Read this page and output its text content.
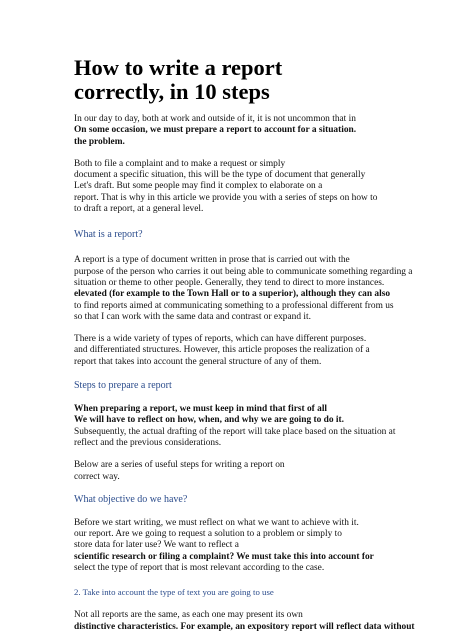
How to write a report
correctly, in 10 steps
In our day to day, both at work and outside of it, it is not uncommon that in
On some occasion, we must prepare a report to account for a situation.
the problem.
Both to file a complaint and to make a request or simply
document a specific situation, this will be the type of document that generally
Let's draft. But some people may find it complex to elaborate on a
report. That is why in this article we provide you with a series of steps on how to
to draft a report, at a general level.
What is a report?
A report is a type of document written in prose that is carried out with the
purpose of the person who carries it out being able to communicate something regarding a
situation or theme to other people. Generally, they tend to direct to more instances.
elevated (for example to the Town Hall or to a superior), although they can also
to find reports aimed at communicating something to a professional different from us
so that I can work with the same data and contrast or expand it.
There is a wide variety of types of reports, which can have different purposes.
and differentiated structures. However, this article proposes the realization of a
report that takes into account the general structure of any of them.
Steps to prepare a report
When preparing a report, we must keep in mind that first of all
We will have to reflect on how, when, and why we are going to do it.
Subsequently, the actual drafting of the report will take place based on the situation at
reflect and the previous considerations.
Below are a series of useful steps for writing a report on
correct way.
What objective do we have?
Before we start writing, we must reflect on what we want to achieve with it.
our report. Are we going to request a solution to a problem or simply to
store data for later use? We want to reflect a
scientific research or filing a complaint? We must take this into account for
select the type of report that is most relevant according to the case.
2. Take into account the type of text you are going to use
Not all reports are the same, as each one may present its own
distinctive characteristics. For example, an expository report will reflect data without
